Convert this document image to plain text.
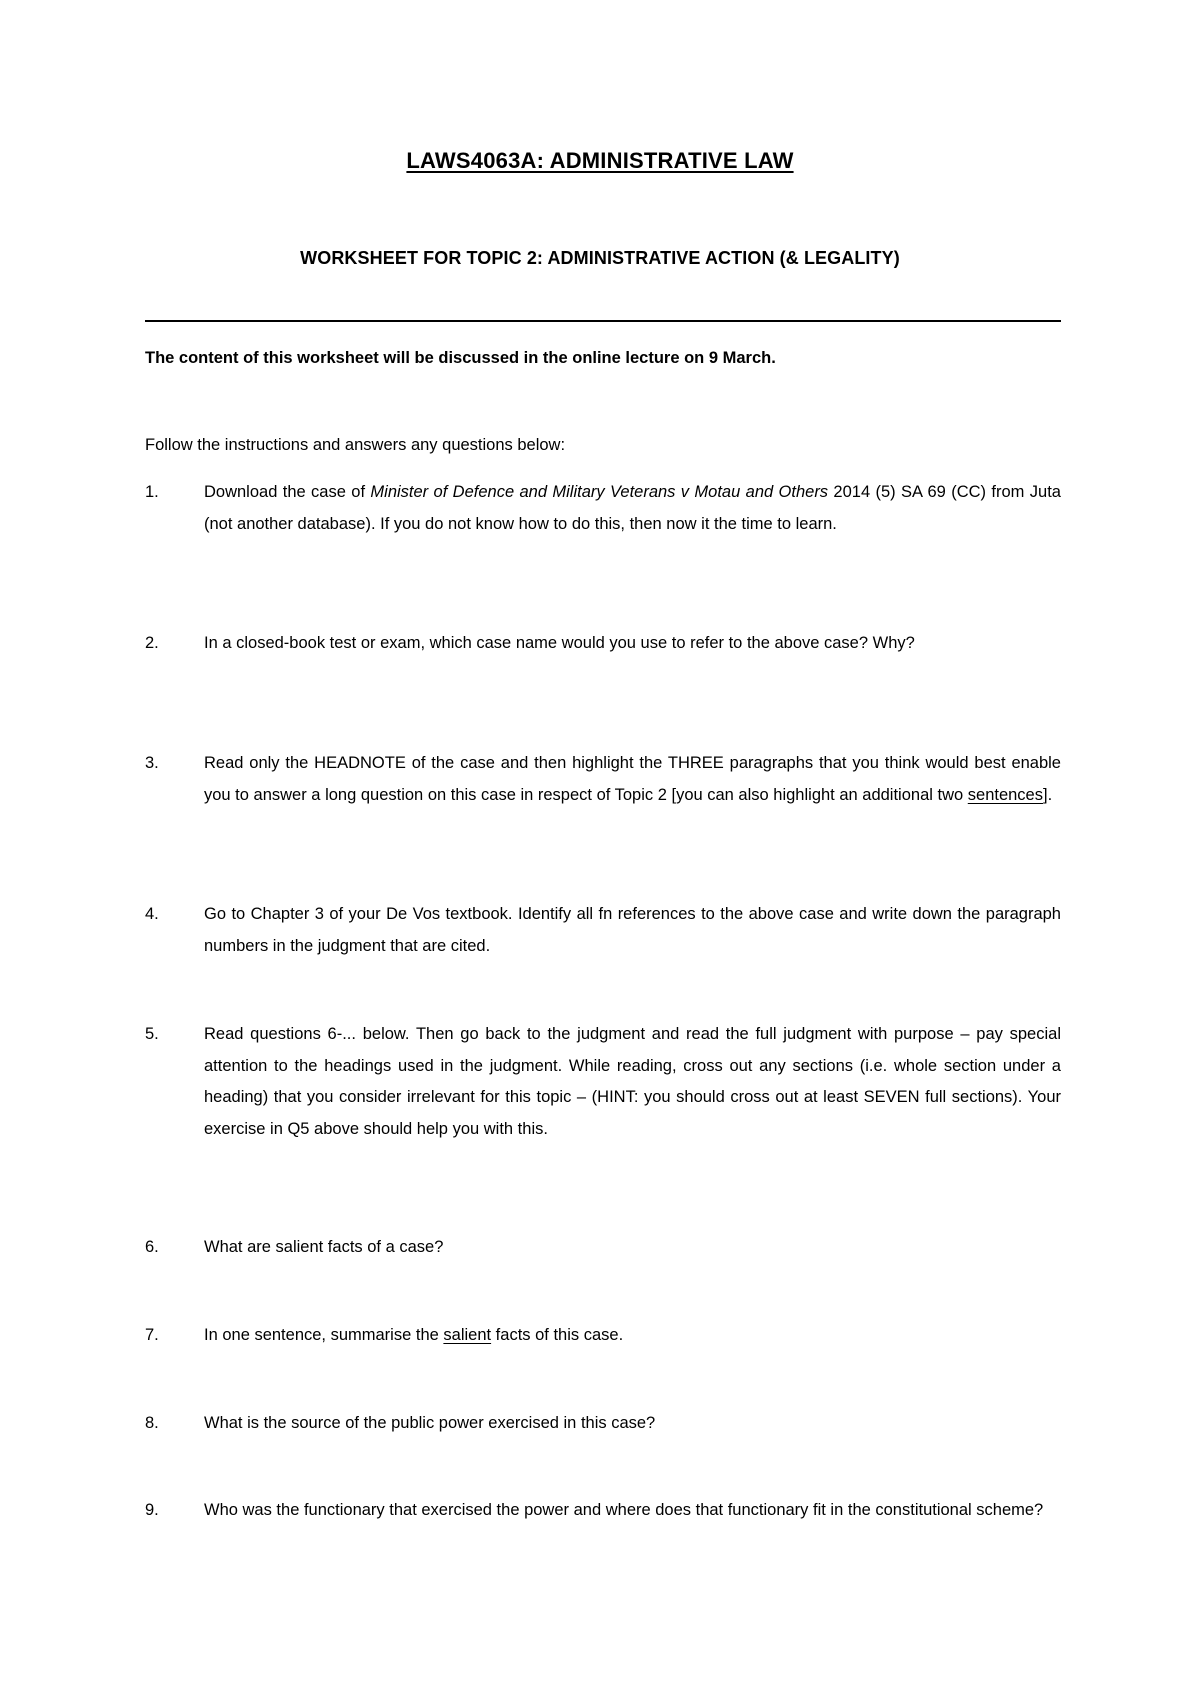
LAWS4063A: ADMINISTRATIVE LAW
WORKSHEET FOR TOPIC 2: ADMINISTRATIVE ACTION (& LEGALITY)
The content of this worksheet will be discussed in the online lecture on 9 March.
Follow the instructions and answers any questions below:
1.	Download the case of Minister of Defence and Military Veterans v Motau and Others 2014 (5) SA 69 (CC) from Juta (not another database). If you do not know how to do this, then now it the time to learn.
2.	In a closed-book test or exam, which case name would you use to refer to the above case? Why?
3.	Read only the HEADNOTE of the case and then highlight the THREE paragraphs that you think would best enable you to answer a long question on this case in respect of Topic 2 [you can also highlight an additional two sentences].
4.	Go to Chapter 3 of your De Vos textbook. Identify all fn references to the above case and write down the paragraph numbers in the judgment that are cited.
5.	Read questions 6-... below. Then go back to the judgment and read the full judgment with purpose – pay special attention to the headings used in the judgment. While reading, cross out any sections (i.e. whole section under a heading) that you consider irrelevant for this topic – (HINT: you should cross out at least SEVEN full sections). Your exercise in Q5 above should help you with this.
6.	What are salient facts of a case?
7.	In one sentence, summarise the salient facts of this case.
8.	What is the source of the public power exercised in this case?
9.	Who was the functionary that exercised the power and where does that functionary fit in the constitutional scheme?
